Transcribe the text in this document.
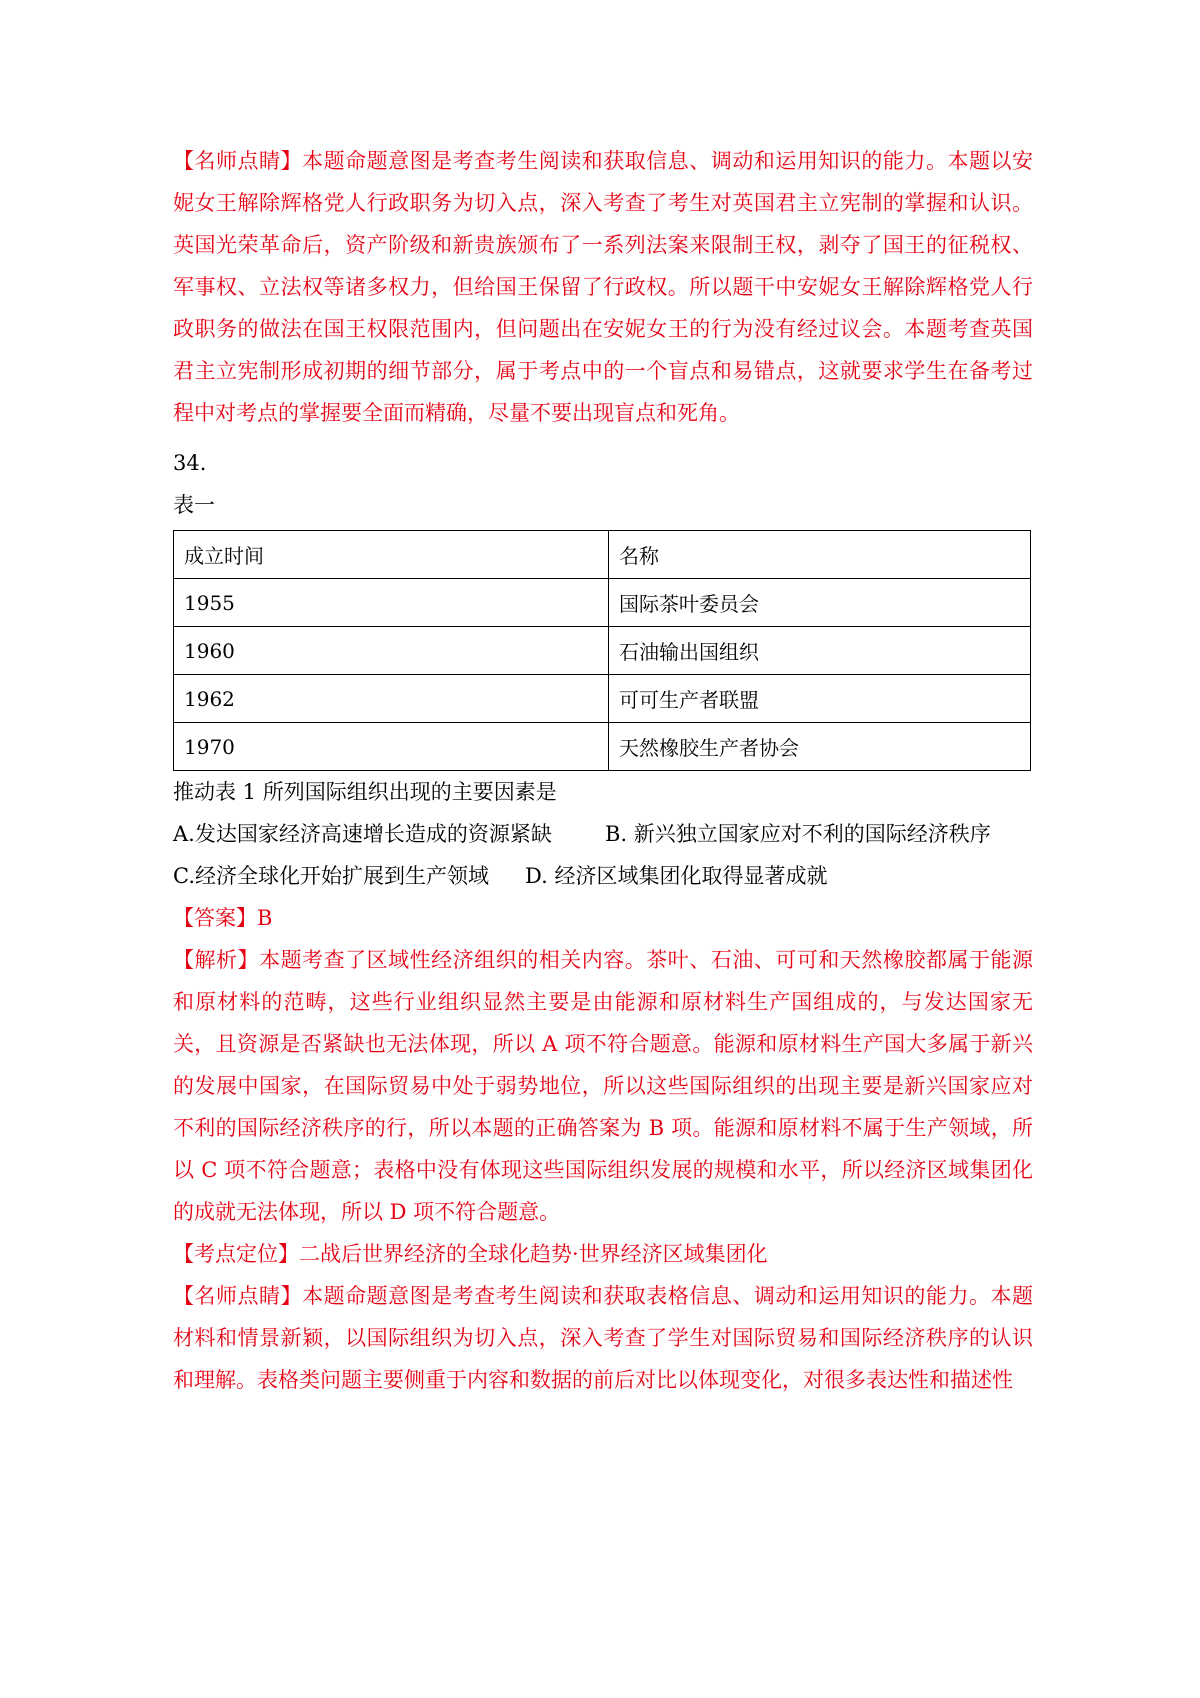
【名师点睛】本题命题意图是考查考生阅读和获取信息、调动和运用知识的能力。本题以安妮女王解除辉格党人行政职务为切入点，深入考查了考生对英国君主立宪制的掌握和认识。英国光荣革命后，资产阶级和新贵族颁布了一系列法案来限制王权，剥夺了国王的征税权、军事权、立法权等诸多权力，但给国王保留了行政权。所以题干中安妮女王解除辉格党人行政职务的做法在国王权限范围内，但问题出在安妮女王的行为没有经过议会。本题考查英国君主立宪制形成初期的细节部分，属于考点中的一个盲点和易错点，这就要求学生在备考过程中对考点的掌握要全面而精确，尽量不要出现盲点和死角。

34.

表一

成立时间	名称
1955	国际茶叶委员会
1960	石油输出国组织
1962	可可生产者联盟
1970	天然橡胶生产者协会

推动表 1 所列国际组织出现的主要因素是

A.发达国家经济高速增长造成的资源紧缺	B. 新兴独立国家应对不利的国际经济秩序
C.经济全球化开始扩展到生产领域	D. 经济区域集团化取得显著成就

【答案】B

【解析】本题考查了区域性经济组织的相关内容。茶叶、石油、可可和天然橡胶都属于能源和原材料的范畴，这些行业组织显然主要是由能源和原材料生产国组成的，与发达国家无关，且资源是否紧缺也无法体现，所以 A 项不符合题意。能源和原材料生产国大多属于新兴的发展中国家，在国际贸易中处于弱势地位，所以这些国际组织的出现主要是新兴国家应对不利的国际经济秩序的行，所以本题的正确答案为 B 项。能源和原材料不属于生产领域，所以 C 项不符合题意；表格中没有体现这些国际组织发展的规模和水平，所以经济区域集团化的成就无法体现，所以 D 项不符合题意。

【考点定位】二战后世界经济的全球化趋势·世界经济区域集团化

【名师点睛】本题命题意图是考查考生阅读和获取表格信息、调动和运用知识的能力。本题材料和情景新颖，以国际组织为切入点，深入考查了学生对国际贸易和国际经济秩序的认识和理解。表格类问题主要侧重于内容和数据的前后对比以体现变化，对很多表达性和描述性
